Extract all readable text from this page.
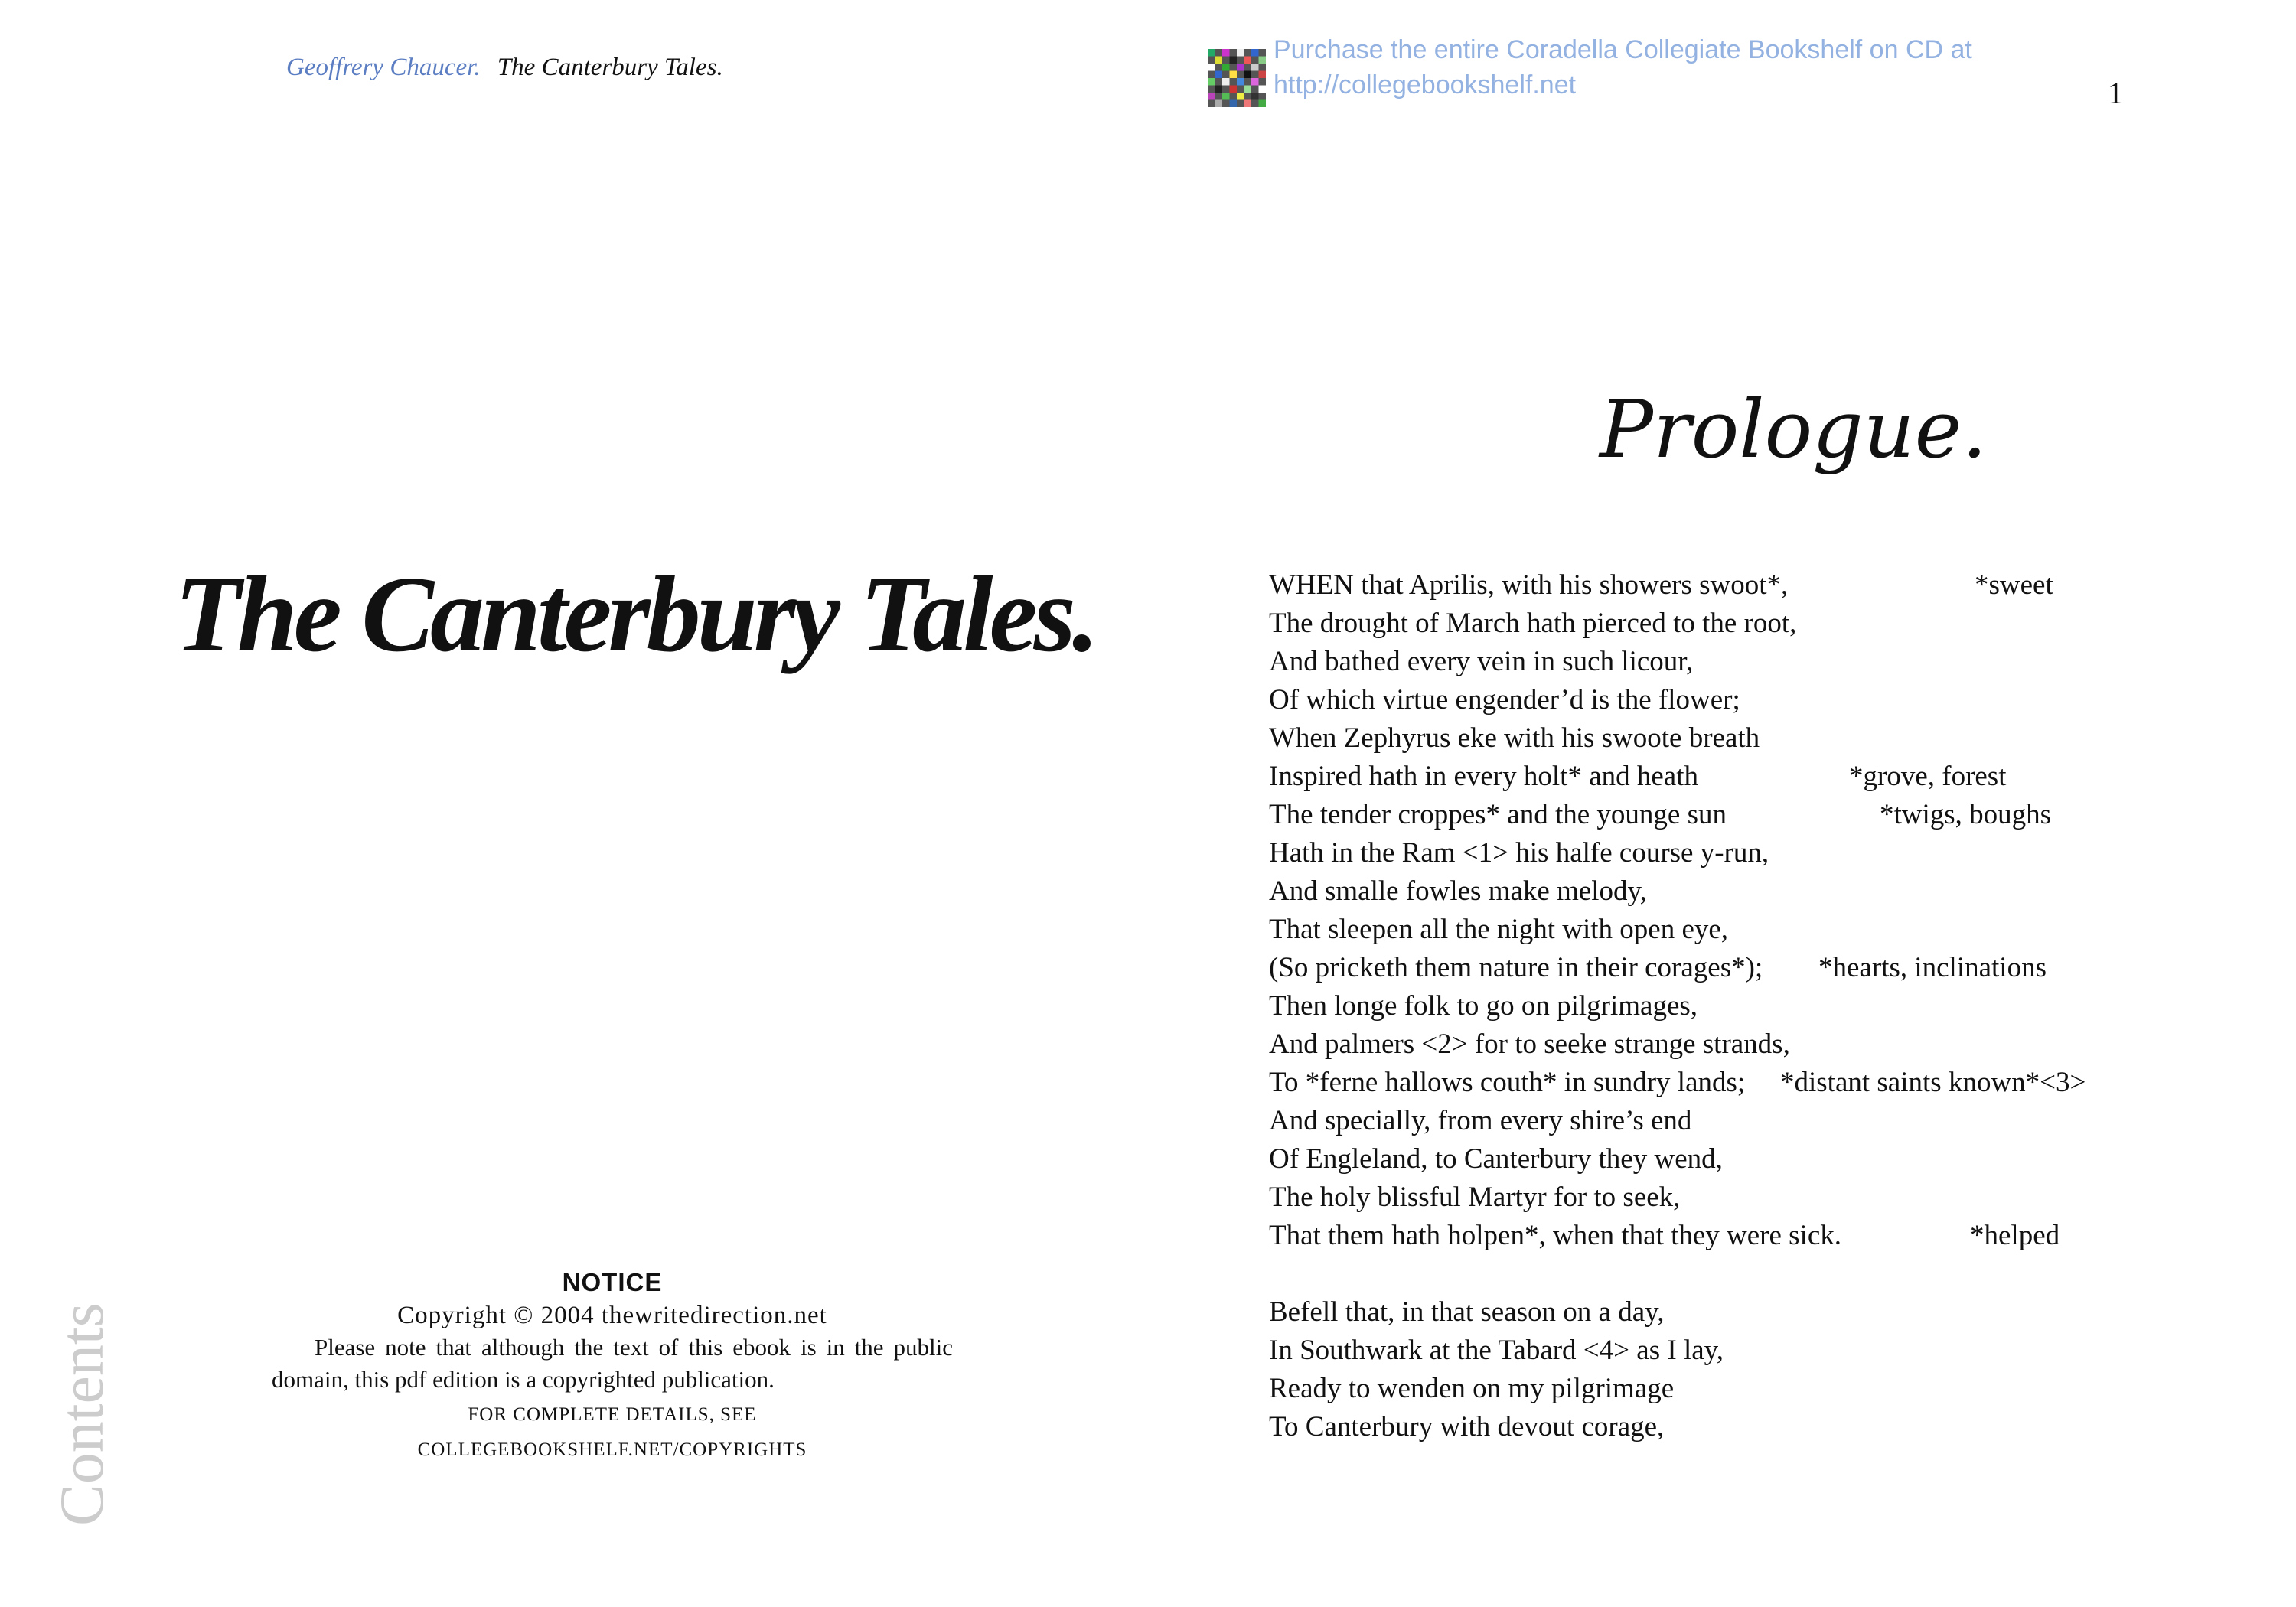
Geoffrery Chaucer. The Canterbury Tales.
Purchase the entire Coradella Collegiate Bookshelf on CD at
http://collegebookshelf.net	1
The Canterbury Tales.
NOTICE
Copyright © 2004 thewritedirection.net
Please note that although the text of this ebook is in the public domain, this pdf edition is a copyrighted publication.
FOR COMPLETE DETAILS, SEE
COLLEGEBOOKSHELF.NET/COPYRIGHTS
Contents
Prologue.
WHEN that Aprilis, with his showers swoot*,	*sweet
The drought of March hath pierced to the root,
And bathed every vein in such licour,
Of which virtue engender’d is the flower;
When Zephyrus eke with his swoote breath
Inspired hath in every holt* and heath	*grove, forest
The tender croppes* and the younge sun	*twigs, boughs
Hath in the Ram <1> his halfe course y-run,
And smalle fowles make melody,
That sleepen all the night with open eye,
(So pricketh them nature in their corages*); *hearts, inclinations
Then longe folk to go on pilgrimages,
And palmers <2> for to seeke strange strands,
To *ferne hallows couth* in sundry lands; *distant saints known*<3>
And specially, from every shire’s end
Of Engleland, to Canterbury they wend,
The holy blissful Martyr for to seek,
That them hath holpen*, when that they were sick.	*helped
Befell that, in that season on a day,
In Southwark at the Tabard <4> as I lay,
Ready to wenden on my pilgrimage
To Canterbury with devout corage,
